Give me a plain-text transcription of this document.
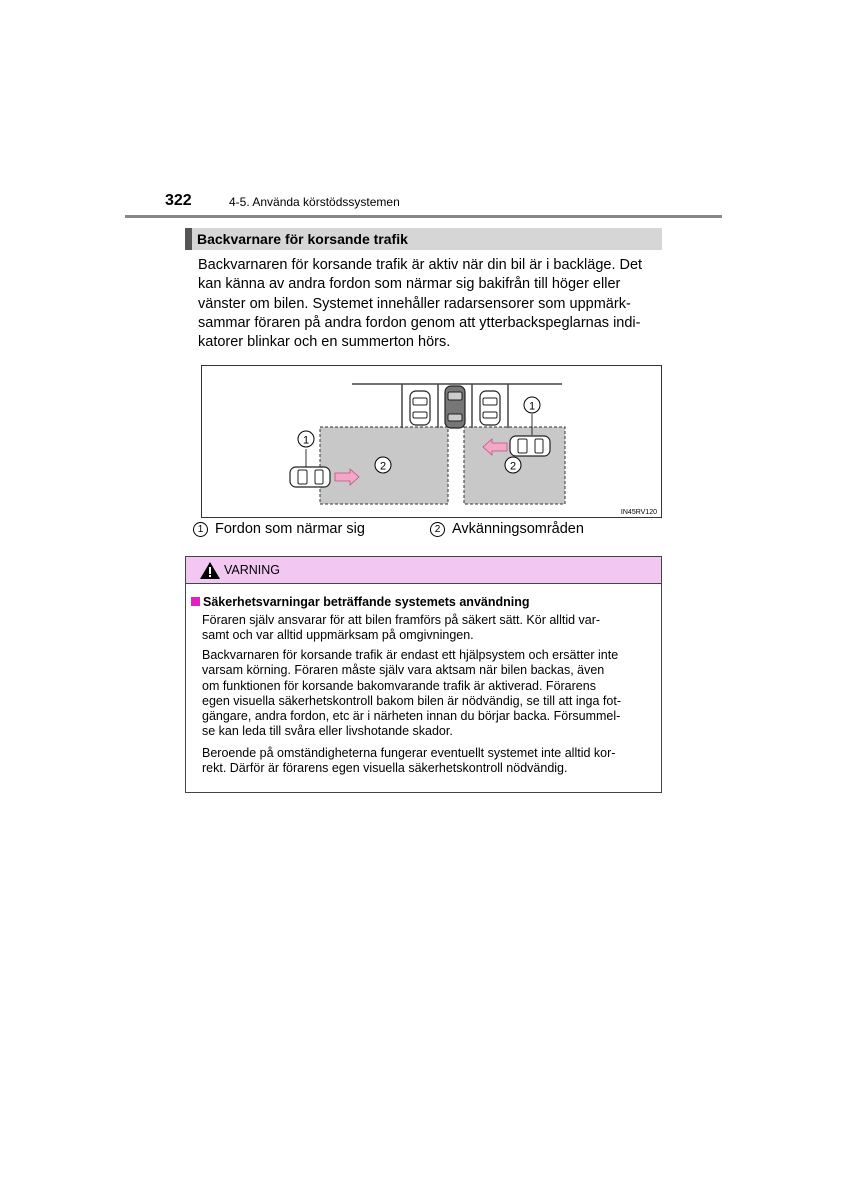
322	4-5. Använda körstödssystemen
Backvarnare för korsande trafik
Backvarnaren för korsande trafik är aktiv när din bil är i backläge. Det
kan känna av andra fordon som närmar sig bakifrån till höger eller
vänster om bilen. Systemet innehåller radarsensorer som uppmärk-
sammar föraren på andra fordon genom att ytterbackspeglarnas indi-
katorer blinkar och en summerton hörs.
1
1
2	2
IN45RV120
1 Fordon som närmar sig	2 Avkänningsområden
VARNING
Säkerhetsvarningar beträffande systemets användning
Föraren själv ansvarar för att bilen framförs på säkert sätt. Kör alltid var-
samt och var alltid uppmärksam på omgivningen.
Backvarnaren för korsande trafik är endast ett hjälpsystem och ersätter inte
varsam körning. Föraren måste själv vara aktsam när bilen backas, även
om funktionen för korsande bakomvarande trafik är aktiverad. Förarens
egen visuella säkerhetskontroll bakom bilen är nödvändig, se till att inga fot-
gängare, andra fordon, etc är i närheten innan du börjar backa. Försummel-
se kan leda till svåra eller livshotande skador.
Beroende på omständigheterna fungerar eventuellt systemet inte alltid kor-
rekt. Därför är förarens egen visuella säkerhetskontroll nödvändig.
